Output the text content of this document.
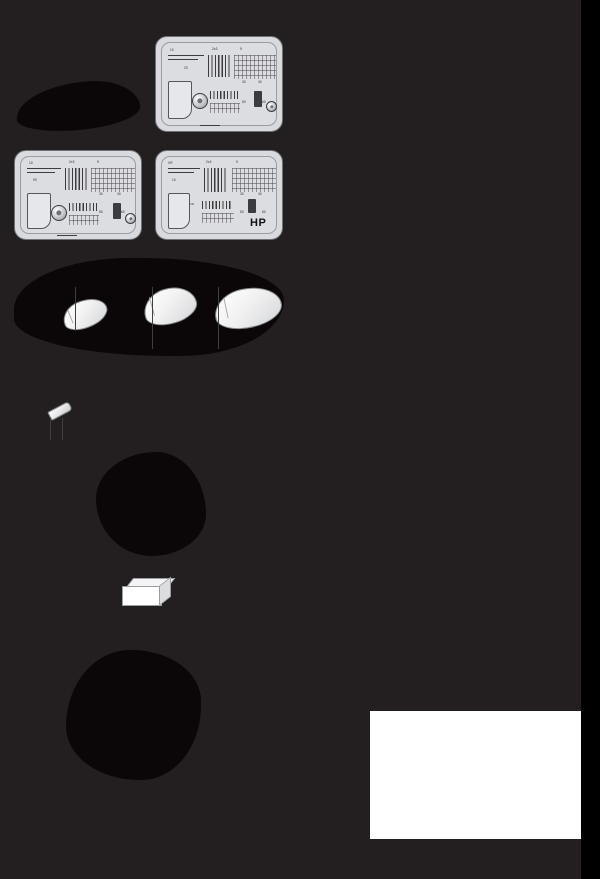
10	2x3	9
20
30	40
50	60
10	2x3	9
90
30	40
50	60
VR	2x3	9
10
30	40
50	60
VR
HP
